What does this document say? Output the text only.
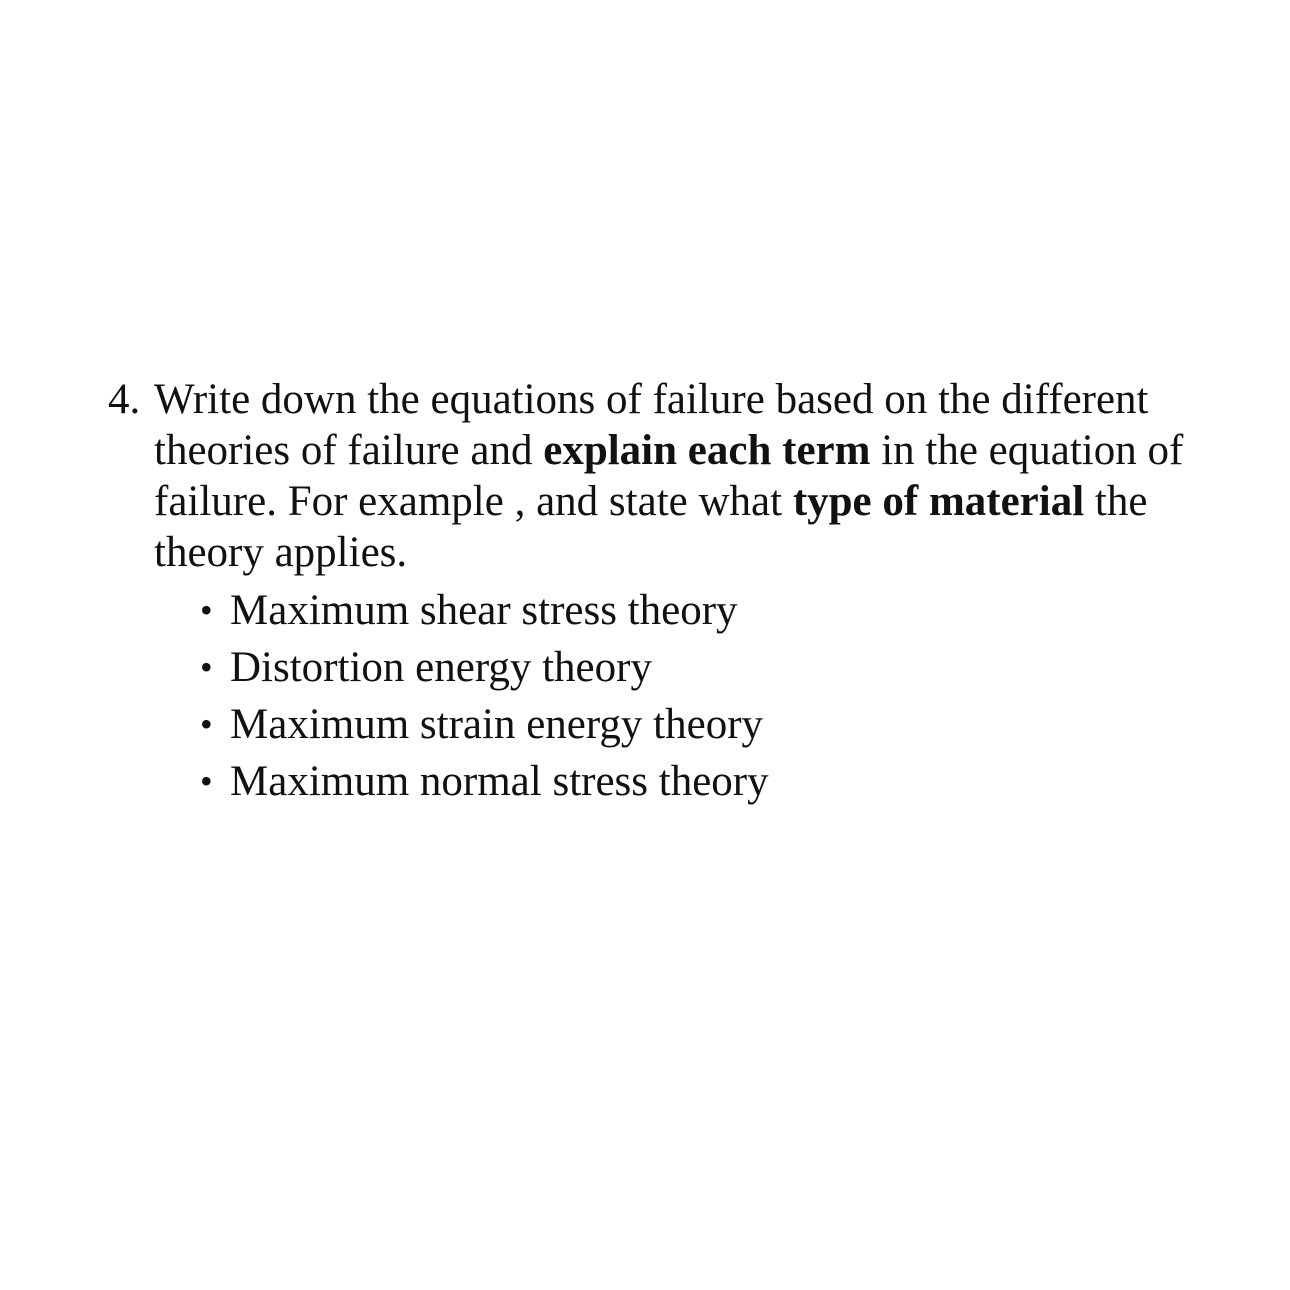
4. Write down the equations of failure based on the different
theories of failure and explain each term in the equation of
failure. For example , and state what type of material the
theory applies.
• Maximum shear stress theory
• Distortion energy theory
• Maximum strain energy theory
• Maximum normal stress theory
